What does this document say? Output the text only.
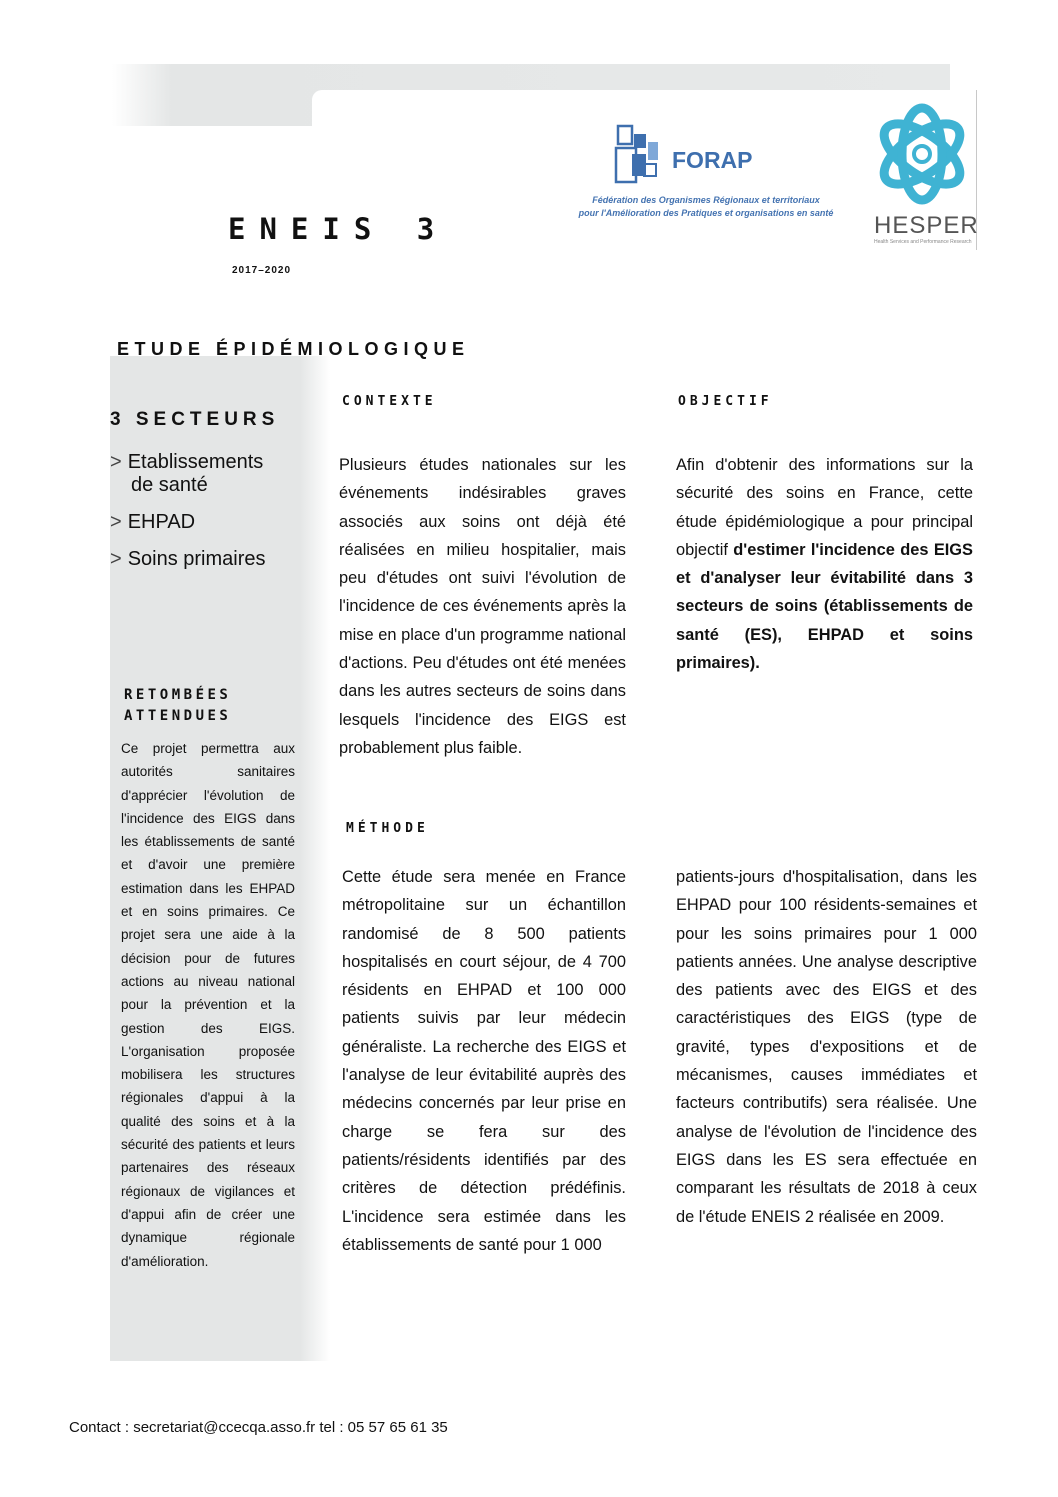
ENEIS 3
2017–2020
FORAP
Fédération des Organismes Régionaux et territoriaux
pour l'Amélioration des Pratiques et organisations en santé	HESPER
Health Services and Performance Research
ETUDE ÉPIDÉMIOLOGIQUE
3 SECTEURS
> Etablissements
de santé
> EHPAD
> Soins primaires
RETOMBÉES
ATTENDUES
Ce projet permettra aux autorités sanitaires d'apprécier l'évolution de l'incidence des EIGS dans les établissements de santé et d'avoir une première estimation dans les EHPAD et en soins primaires. Ce projet sera une aide à la décision pour de futures actions au niveau national pour la prévention et la gestion des EIGS. L'organisation proposée mobilisera les structures régionales d'appui à la qualité des soins et à la sécurité des patients et leurs partenaires des réseaux régionaux de vigilances et d'appui afin de créer une dynamique régionale d'amélioration.
CONTEXTE	OBJECTIF
MÉTHODE
Plusieurs études nationales sur les événements indésirables graves associés aux soins ont déjà été réalisées en milieu hospitalier, mais peu d'études ont suivi l'évolution de l'incidence de ces événements après la mise en place d'un programme national d'actions. Peu d'études ont été menées dans les autres secteurs de soins dans lesquels l'incidence des EIGS est probablement plus faible.
Afin d'obtenir des informations sur la sécurité des soins en France, cette étude épidémiologique a pour principal objectif d'estimer l'incidence des EIGS et d'analyser leur évitabilité dans 3 secteurs de soins (établissements de santé (ES), EHPAD et soins primaires).
Cette étude sera menée en France métropolitaine sur un échantillon randomisé de 8 500 patients hospitalisés en court séjour, de 4 700 résidents en EHPAD et 100 000 patients suivis par leur médecin généraliste. La recherche des EIGS et l'analyse de leur évitabilité auprès des médecins concernés par leur prise en charge se fera sur des patients/résidents identifiés par des critères de détection prédéfinis. L'incidence sera estimée dans les établissements de santé pour 1 000
patients-jours d'hospitalisation, dans les EHPAD pour 100 résidents-semaines et pour les soins primaires pour 1 000 patients années. Une analyse descriptive des patients avec des EIGS et des caractéristiques des EIGS (type de gravité, types d'expositions et de mécanismes, causes immédiates et facteurs contributifs) sera réalisée. Une analyse de l'évolution de l'incidence des EIGS dans les ES sera effectuée en comparant les résultats de 2018 à ceux de l'étude ENEIS 2 réalisée en 2009.
Contact : secretariat@ccecqa.asso.fr tel : 05 57 65 61 35
